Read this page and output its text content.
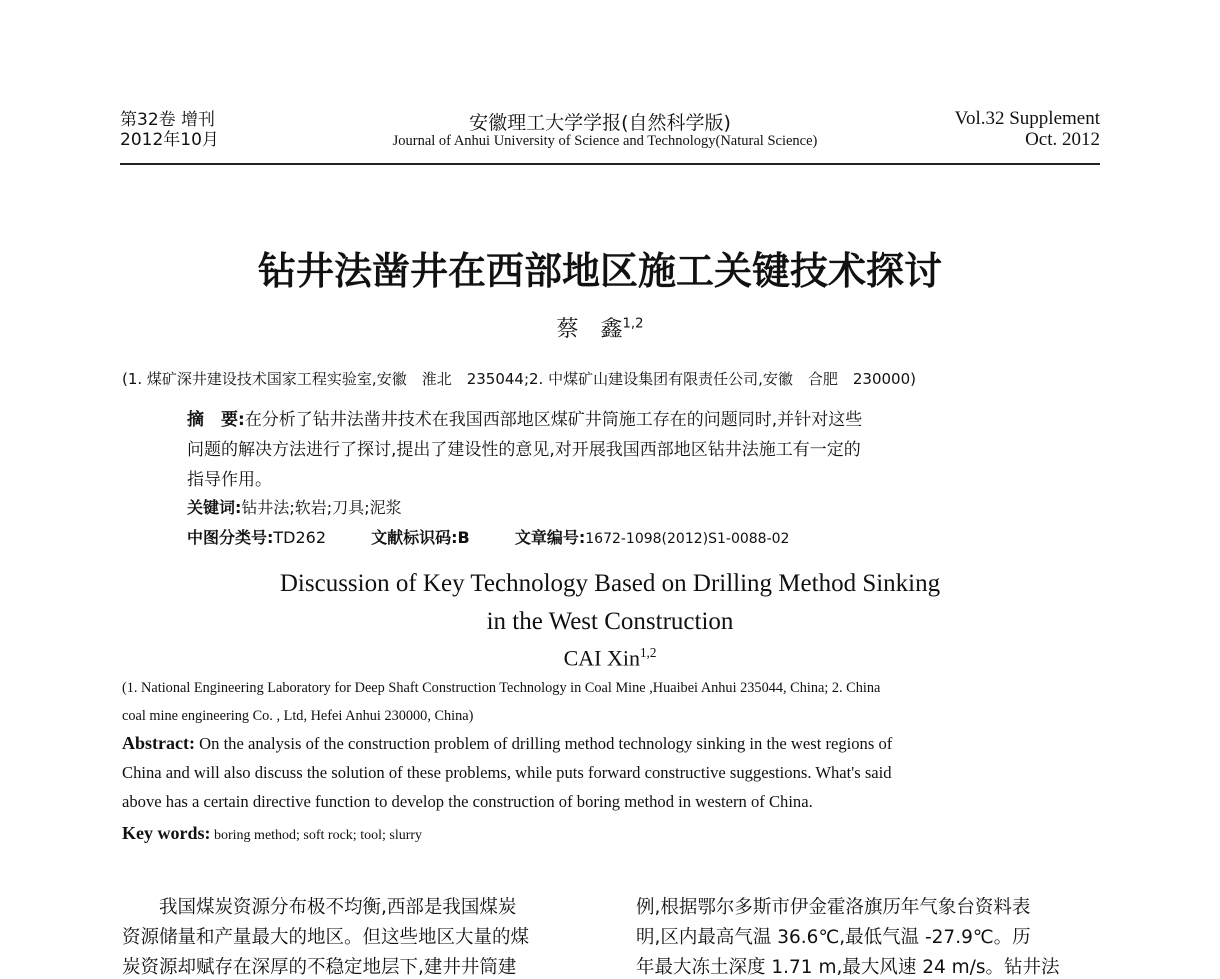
第32卷 增刊
2012年10月
安徽理工大学学报(自然科学版)
Journal of Anhui University of Science and Technology(Natural Science)
Vol.32 Supplement
Oct. 2012
钻井法凿井在西部地区施工关键技术探讨
蔡　鑫$^{1,2}$
(1. 煤矿深井建设技术国家工程实验室,安徽　淮北　235044;2. 中煤矿山建设集团有限责任公司,安徽　合肥　230000)
摘　要:在分析了钻井法凿井技术在我国西部地区煤矿井筒施工存在的问题同时,并针对这些
问题的解决方法进行了探讨,提出了建设性的意见,对开展我国西部地区钻井法施工有一定的
指导作用。
关键词:钻井法;软岩;刀具;泥浆
中图分类号:TD262	文献标识码:B	文章编号:1672-1098(2012)S1-0088-02
Discussion of Key Technology Based on Drilling Method Sinking
in the West Construction
CAI Xin$^{1,2}$
(1. National Engineering Laboratory for Deep Shaft Construction Technology in Coal Mine ,Huaibei Anhui 235044, China; 2. China
coal mine engineering Co. , Ltd, Hefei Anhui 230000, China)
Abstract: On the analysis of the construction problem of drilling method technology sinking in the west regions of
China and will also discuss the solution of these problems, while puts forward constructive suggestions. What's said
above has a certain directive function to develop the construction of boring method in western of China.
Key words: boring method; soft rock; tool; slurry
　　我国煤炭资源分布极不均衡,西部是我国煤炭
资源储量和产量最大的地区。但这些地区大量的煤
炭资源却赋存在深厚的不稳定地层下,建井井筒建
例,根据鄂尔多斯市伊金霍洛旗历年气象台资料表
明,区内最高气温 36.6℃,最低气温 -27.9℃。历
年最大冻土深度 1.71 m,最大风速 24 m/s。钻井法
